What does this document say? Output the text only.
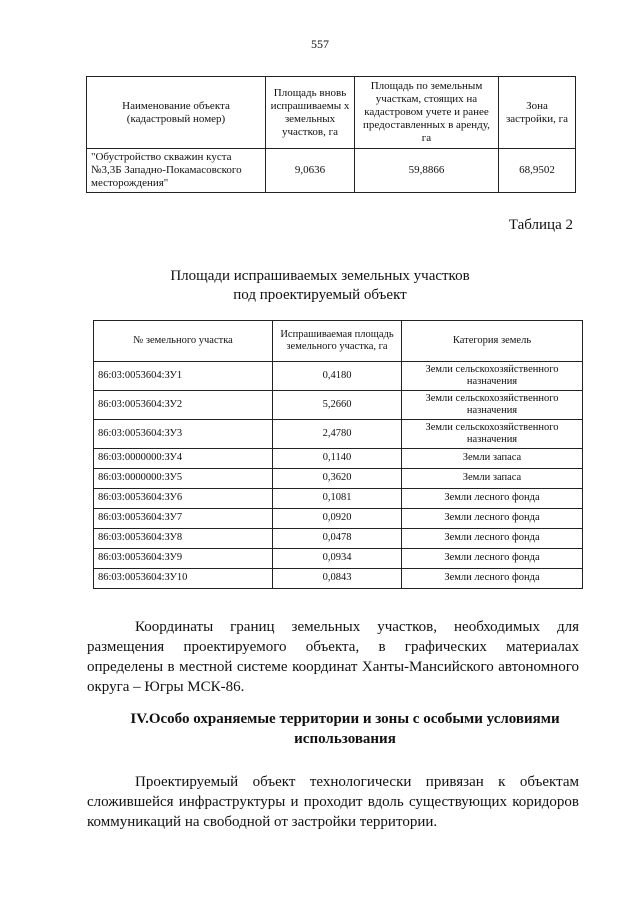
557
Наименование объекта (кадастровый номер)	Площадь вновь испрашиваемы х земельных участков, га	Площадь по земельным участкам, стоящих на кадастровом учете и ранее предоставленных в аренду, га	Зона застройки, га
"Обустройство скважин куста №3,3Б Западно-Покамасовского месторождения"	9,0636	59,8866	68,9502
Таблица 2
Площади испрашиваемых земельных участков
под проектируемый объект
№ земельного участка	Испрашиваемая площадь земельного участка, га	Категория земель
86:03:0053604:ЗУ1	0,4180	Земли сельскохозяйственного назначения
86:03:0053604:ЗУ2	5,2660	Земли сельскохозяйственного назначения
86:03:0053604:ЗУ3	2,4780	Земли сельскохозяйственного назначения
86:03:0000000:ЗУ4	0,1140	Земли запаса
86:03:0000000:ЗУ5	0,3620	Земли запаса
86:03:0053604:ЗУ6	0,1081	Земли лесного фонда
86:03:0053604:ЗУ7	0,0920	Земли лесного фонда
86:03:0053604:ЗУ8	0,0478	Земли лесного фонда
86:03:0053604:ЗУ9	0,0934	Земли лесного фонда
86:03:0053604:ЗУ10	0,0843	Земли лесного фонда
Координаты границ земельных участков, необходимых для размещения проектируемого объекта, в графических материалах определены в местной системе координат Ханты-Мансийского автономного округа – Югры МСК-86.
IV.Особо охраняемые территории и зоны с особыми условиями использования
Проектируемый объект технологически привязан к объектам сложившейся инфраструктуры и проходит вдоль существующих коридоров коммуникаций на свободной от застройки территории.
